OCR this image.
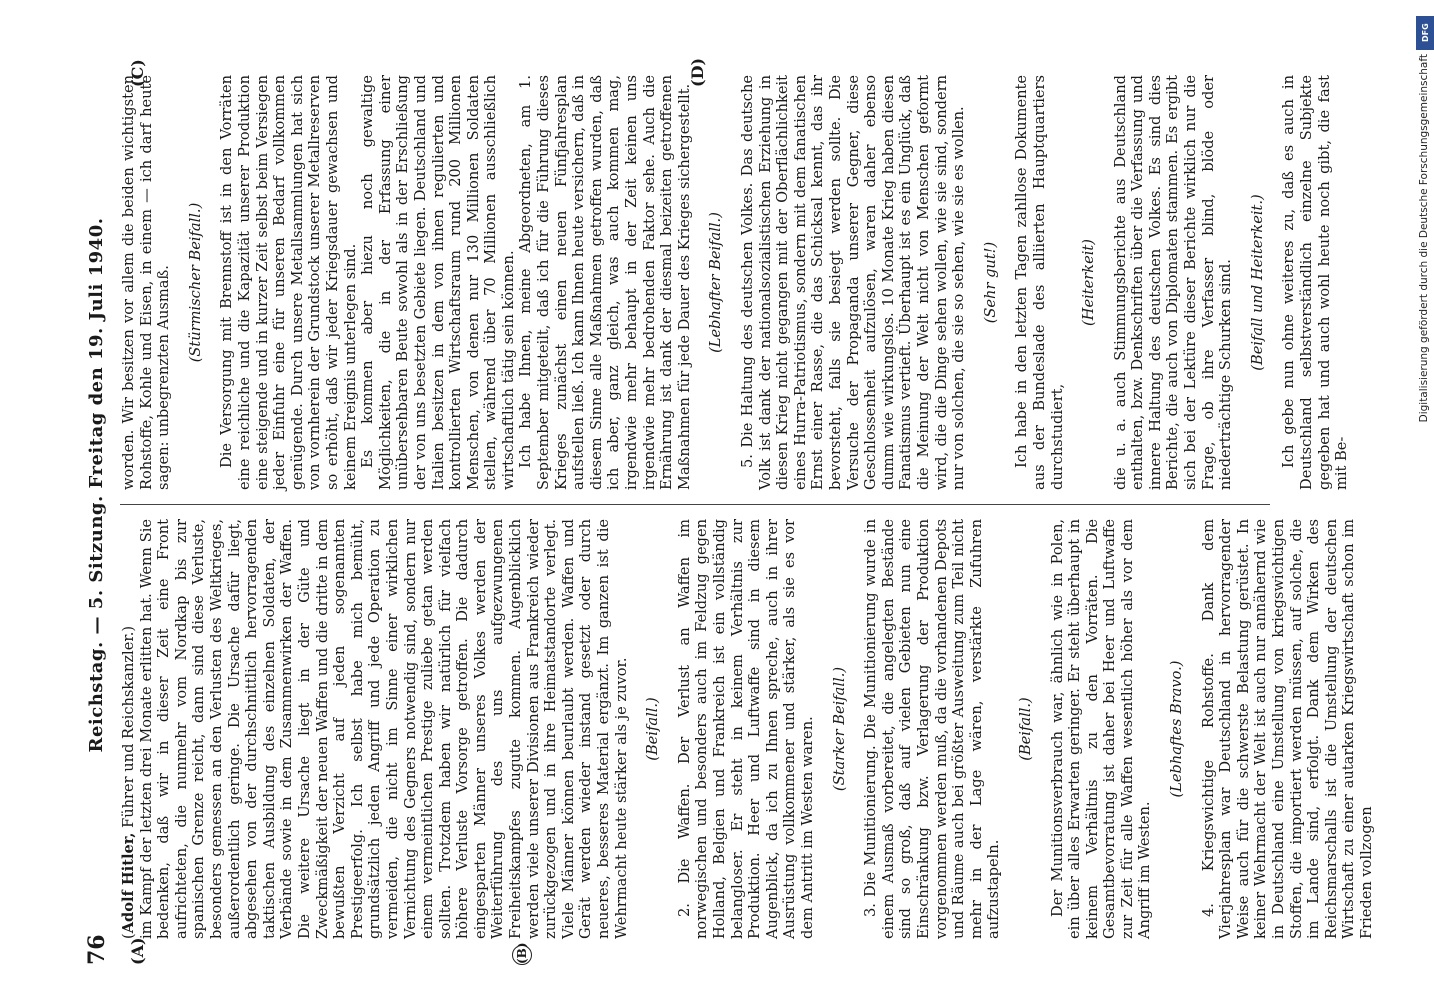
76
Reichstag. — 5. Sitzung. Freitag den 19. Juli 1940.
(A)	(B)
(C)	(D)

(Adolf Hitler, Führer und Reichskanzler.) im Kampf der letzten drei Monate erlitten hat. Wenn Sie bedenken, daß wir in dieser Zeit eine Front aufrichteten, die nunmehr vom Nordkap bis zur spanischen Grenze reicht, dann sind diese Verluste, besonders gemessen an den Verlusten des Weltkrieges, außerordentlich geringe. Die Ursache dafür liegt, abgesehen von der durchschnittlich hervorragenden taktischen Ausbildung des einzelnen Soldaten, der Verbände sowie in dem Zusammenwirken der Waffen. Die weitere Ursache liegt in der Güte und Zweckmäßigkeit der neuen Waffen und die dritte in dem bewußten Verzicht auf jeden sogenannten Prestigeerfolg. Ich selbst habe mich bemüht, grundsätzlich jeden Angriff und jede Operation zu vermeiden, die nicht im Sinne einer wirklichen Vernichtung des Gegners notwendig sind, sondern nur einem vermeintlichen Prestige zuliebe getan werden sollten. Trotzdem haben wir natürlich für vielfach höhere Verluste Vorsorge getroffen. Die dadurch eingesparten Männer unseres Volkes werden der Weiterführung des uns aufgezwungenen Freiheitskampfes zugute kommen. Augenblicklich werden viele unserer Divisionen aus Frankreich wieder zurückgezogen und in ihre Heimatstandorte verlegt. Viele Männer können beurlaubt werden. Waffen und Gerät werden wieder instand gesetzt oder durch neueres, besseres Material ergänzt. Im ganzen ist die Wehrmacht heute stärker als je zuvor. (Beifall.) 2. Die Waffen. Der Verlust an Waffen im norwegischen und besonders auch im Feldzug gegen Holland, Belgien und Frankreich ist ein vollständig belangloser. Er steht in keinem Verhältnis zur Produktion. Heer und Luftwaffe sind in diesem Augenblick, da ich zu Ihnen spreche, auch in ihrer Ausrüstung vollkommener und stärker, als sie es vor dem Antritt im Westen waren. (Starker Beifall.) 3. Die Munitionierung. Die Munitionierung wurde in einem Ausmaß vorbereitet, die angelegten Bestände sind so groß, daß auf vielen Gebieten nun eine Einschränkung bzw. Verlagerung der Produktion vorgenommen werden muß, da die vorhandenen Depots und Räume auch bei größter Ausweitung zum Teil nicht mehr in der Lage wären, verstärkte Zufuhren aufzustapeln.

(Beifall.) Der Munitionsverbrauch war, ähnlich wie in Polen, ein über alles Erwarten geringer. Er steht überhaupt in keinem Verhältnis zu den Vorräten. Die Gesamtbevorratung ist daher bei Heer und Luftwaffe zur Zeit für alle Waffen wesentlich höher als vor dem Angriff im Westen.

(Lebhaftes Bravo.) 4. Kriegswichtige Rohstoffe. Dank dem Vierjahresplan war Deutschland in hervorragender Weise auch für die schwerste Belastung gerüstet. In keiner Wehrmacht der Welt ist auch nur annähernd wie in Deutschland eine Umstellung von kriegswichtigen Stoffen, die importiert werden müssen, auf solche, die im Lande sind, erfolgt. Dank dem Wirken des Reichsmarschalls ist die Umstellung der deutschen Wirtschaft zu einer autarken Kriegswirtschaft schon im Frieden vollzogen

worden. Wir besitzen vor allem die beiden wichtigsten Rohstoffe, Kohle und Eisen, in einem — ich darf heute sagen: unbegrenzten Ausmaß. (Stürmischer Beifall.) Die Versorgung mit Brennstoff ist in den Vorräten eine reichliche und die Kapazität unserer Produktion eine steigende und in kurzer Zeit selbst beim Versiegen jeder Einfuhr eine für unseren Bedarf vollkommen genügende. Durch unsere Metallsammlungen hat sich von vornherein der Grundstock unserer Metallreserven so erhöht, daß wir jeder Kriegsdauer gewachsen und keinem Ereignis unterlegen sind. Es kommen aber hiezu noch gewaltige Möglichkeiten, die in der Erfassung einer unübersehbaren Beute sowohl als in der Erschließung der von uns besetzten Gebiete liegen. Deutschland und Italien besitzen in dem von ihnen regulierten und kontrollierten Wirtschaftsraum rund 200 Millionen Menschen, von denen nur 130 Millionen Soldaten stellen, während über 70 Millionen ausschließlich wirtschaftlich tätig sein können. Ich habe Ihnen, meine Abgeordneten, am 1. September mitgeteilt, daß ich für die Führung dieses Krieges zunächst einen neuen Fünfjahresplan aufstellen ließ. Ich kann Ihnen heute versichern, daß in diesem Sinne alle Maßnahmen getroffen wurden, daß ich aber, ganz gleich, was auch kommen mag, irgendwie mehr behaupt in der Zeit keinen uns irgendwie mehr bedrohenden Faktor sehe. Auch die Ernährung ist dank der diesmal beizeiten getroffenen Maßnahmen für jede Dauer des Krieges sichergestellt. (Lebhafter Beifall.) 5. Die Haltung des deutschen Volkes. Das deutsche Volk ist dank der nationalsozialistischen Erziehung in diesen Krieg nicht gegangen mit der Oberflächlichkeit eines Hurra-Patriotismus, sondern mit dem fanatischen Ernst einer Rasse, die das Schicksal kennt, das ihr bevorsteht, falls sie besiegt werden sollte. Die Versuche der Propaganda unserer Gegner, diese Geschlossenheit aufzulösen, waren daher ebenso dumm wie wirkungslos. 10 Monate Krieg haben diesen Fanatismus vertieft. Überhaupt ist es ein Unglück, daß die Meinung der Welt nicht von Menschen geformt wird, die die Dinge sehen wollen, wie sie sind, sondern nur von solchen, die sie so sehen, wie sie es wollen. (Sehr gut!) Ich habe in den letzten Tagen zahllose Dokumente aus der Bundeslade des alliierten Hauptquartiers durchstudiert,

(Heiterkeit) die u. a. auch Stimmungsberichte aus Deutschland enthalten, bzw. Denkschriften über die Verfassung und innere Haltung des deutschen Volkes. Es sind dies Berichte, die auch von Diplomaten stammen. Es ergibt sich bei der Lektüre dieser Berichte wirklich nur die Frage, ob ihre Verfasser blind, blöde oder niederträchtige Schurken sind. (Beifall und Heiterkeit.) Ich gebe nun ohne weiteres zu, daß es auch in Deutschland selbstverständlich einzelne Subjekte gegeben hat und auch wohl heute noch gibt, die fast mit Be-

DFG
Digitalisierung gefördert durch die Deutsche Forschungsgemeinschaft
